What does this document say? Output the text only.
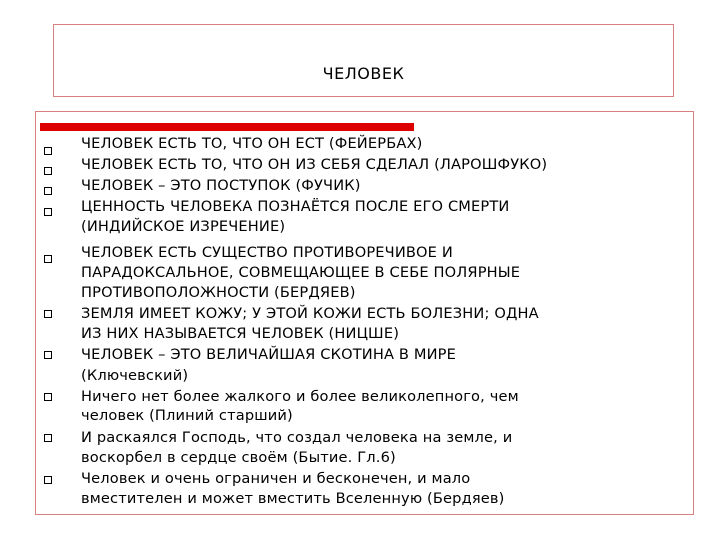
ЧЕЛОВЕК
ЧЕЛОВЕК ЕСТЬ ТО, ЧТО ОН ЕСТ (ФЕЙЕРБАХ)
ЧЕЛОВЕК ЕСТЬ ТО, ЧТО ОН ИЗ СЕБЯ СДЕЛАЛ (ЛАРОШФУКО)
ЧЕЛОВЕК – ЭТО ПОСТУПОК (ФУЧИК)
ЦЕННОСТЬ ЧЕЛОВЕКА ПОЗНАЁТСЯ ПОСЛЕ ЕГО СМЕРТИ
(ИНДИЙСКОЕ ИЗРЕЧЕНИЕ)
ЧЕЛОВЕК ЕСТЬ СУЩЕСТВО ПРОТИВОРЕЧИВОЕ И
ПАРАДОКСАЛЬНОЕ, СОВМЕЩАЮЩЕЕ В СЕБЕ ПОЛЯРНЫЕ
ПРОТИВОПОЛОЖНОСТИ (БЕРДЯЕВ)
ЗЕМЛЯ ИМЕЕТ КОЖУ; У ЭТОЙ КОЖИ ЕСТЬ БОЛЕЗНИ; ОДНА
ИЗ НИХ НАЗЫВАЕТСЯ ЧЕЛОВЕК (НИЦШЕ)
ЧЕЛОВЕК – ЭТО ВЕЛИЧАЙШАЯ СКОТИНА В МИРЕ
(Ключевский)
Ничего нет более жалкого и более великолепного, чем
человек (Плиний старший)
И раскаялся Господь, что создал человека на земле, и
воскорбел в сердце своём (Бытие. Гл.6)
Человек и очень ограничен и бесконечен, и мало
вместителен и может вместить Вселенную (Бердяев)
